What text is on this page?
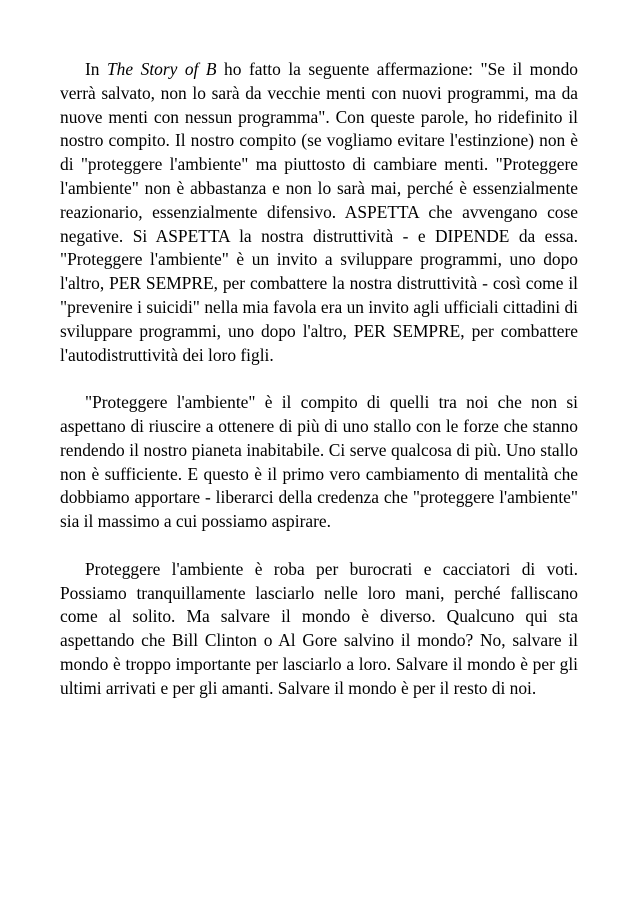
In The Story of B ho fatto la seguente affermazione: "Se il mondo verrà salvato, non lo sarà da vecchie menti con nuovi programmi, ma da nuove menti con nessun programma". Con queste parole, ho ridefinito il nostro compito. Il nostro compito (se vogliamo evitare l'estinzione) non è di "proteggere l'ambiente" ma piuttosto di cambiare menti. "Proteggere l'ambiente" non è abbastanza e non lo sarà mai, perché è essenzialmente reazionario, essenzialmente difensivo. ASPETTA che avvengano cose negative. Si ASPETTA la nostra distruttività - e DIPENDE da essa. "Proteggere l'ambiente" è un invito a sviluppare programmi, uno dopo l'altro, PER SEMPRE, per combattere la nostra distruttività - così come il "prevenire i suicidi" nella mia favola era un invito agli ufficiali cittadini di sviluppare programmi, uno dopo l'altro, PER SEMPRE, per combattere l'autodistruttività dei loro figli.

"Proteggere l'ambiente" è il compito di quelli tra noi che non si aspettano di riuscire a ottenere di più di uno stallo con le forze che stanno rendendo il nostro pianeta inabitabile. Ci serve qualcosa di più. Uno stallo non è sufficiente. E questo è il primo vero cambiamento di mentalità che dobbiamo apportare - liberarci della credenza che "proteggere l'ambiente" sia il massimo a cui possiamo aspirare.

Proteggere l'ambiente è roba per burocrati e cacciatori di voti. Possiamo tranquillamente lasciarlo nelle loro mani, perché falliscano come al solito. Ma salvare il mondo è diverso. Qualcuno qui sta aspettando che Bill Clinton o Al Gore salvino il mondo? No, salvare il mondo è troppo importante per lasciarlo a loro. Salvare il mondo è per gli ultimi arrivati e per gli amanti. Salvare il mondo è per il resto di noi.
